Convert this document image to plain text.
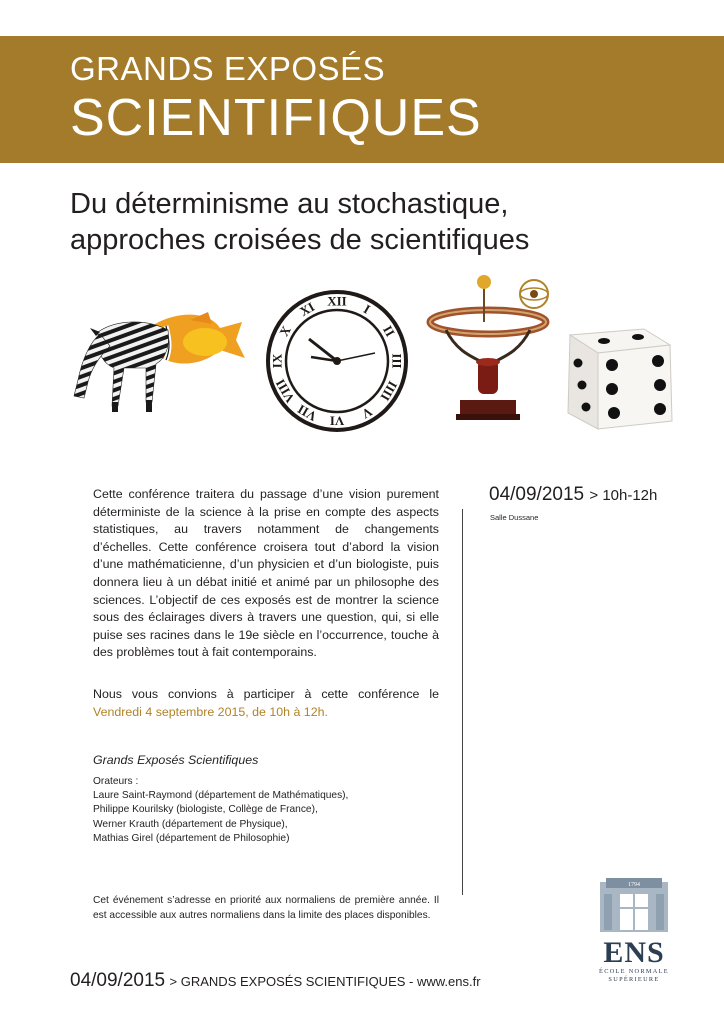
GRANDS EXPOSÉS
SCIENTIFIQUES
Du déterminisme au stochastique,
approches croisées de scientifiques
XII
I
II
III
IIII
V
VI
VII
VIII
IX
X
XI
04/09/2015 > 10h-12h
Salle Dussane
Cette conférence traitera du passage d’une vision purement déterministe de la science à la prise en compte des aspects statistiques, au travers notamment de changements d’échelles. Cette conférence croisera tout d’abord la vision d’une mathématicienne, d’un physicien et d’un biologiste, puis donnera lieu à un débat initié et animé par un philosophe des sciences. L’objectif de ces exposés est de montrer la science sous des éclairages divers à travers une question, qui, si elle puise ses racines dans le 19e siècle en l’occurrence, touche à des problèmes tout à fait contemporains.
Nous vous convions à participer à cette conférence le Vendredi 4 septembre 2015, de 10h à 12h.
Grands Exposés Scientifiques
Orateurs :
Laure Saint-Raymond (département de Mathématiques),
Philippe Kourilsky (biologiste, Collège de France),
Werner Krauth (département de Physique),
Mathias Girel (département de Philosophie)
Cet événement s’adresse en priorité aux normaliens de première année. Il est accessible aux autres normaliens dans la limite des places disponibles.
1794
ENS
ÉCOLE NORMALE
SUPÉRIEURE
04/09/2015 > GRANDS EXPOSÉS SCIENTIFIQUES - www.ens.fr
